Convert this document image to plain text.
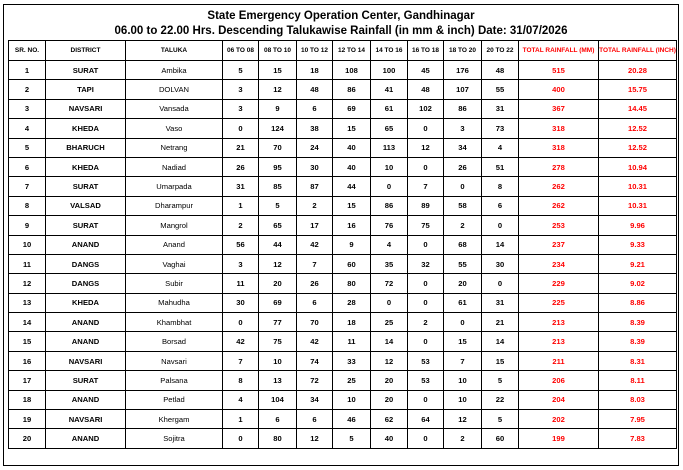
State Emergency Operation Center, Gandhinagar
06.00 to 22.00 Hrs. Descending Talukawise Rainfall (in mm & inch) Date: 31/07/2026
SR. NO.	DISTRICT	TALUKA	06 TO 08	08 TO 10	10 TO 12	12 TO 14	14 TO 16	16 TO 18	18 TO 20	20 TO 22	TOTAL RAINFALL (MM)	TOTAL RAINFALL (INCH)
1	SURAT	Ambika	5	15	18	108	100	45	176	48	515	20.28
2	TAPI	DOLVAN	3	12	48	86	41	48	107	55	400	15.75
3	NAVSARI	Vansada	3	9	6	69	61	102	86	31	367	14.45
4	KHEDA	Vaso	0	124	38	15	65	0	3	73	318	12.52
5	BHARUCH	Netrang	21	70	24	40	113	12	34	4	318	12.52
6	KHEDA	Nadiad	26	95	30	40	10	0	26	51	278	10.94
7	SURAT	Umarpada	31	85	87	44	0	7	0	8	262	10.31
8	VALSAD	Dharampur	1	5	2	15	86	89	58	6	262	10.31
9	SURAT	Mangrol	2	65	17	16	76	75	2	0	253	9.96
10	ANAND	Anand	56	44	42	9	4	0	68	14	237	9.33
11	DANGS	Vaghai	3	12	7	60	35	32	55	30	234	9.21
12	DANGS	Subir	11	20	26	80	72	0	20	0	229	9.02
13	KHEDA	Mahudha	30	69	6	28	0	0	61	31	225	8.86
14	ANAND	Khambhat	0	77	70	18	25	2	0	21	213	8.39
15	ANAND	Borsad	42	75	42	11	14	0	15	14	213	8.39
16	NAVSARI	Navsari	7	10	74	33	12	53	7	15	211	8.31
17	SURAT	Palsana	8	13	72	25	20	53	10	5	206	8.11
18	ANAND	Petlad	4	104	34	10	20	0	10	22	204	8.03
19	NAVSARI	Khergam	1	6	6	46	62	64	12	5	202	7.95
20	ANAND	Sojitra	0	80	12	5	40	0	2	60	199	7.83
